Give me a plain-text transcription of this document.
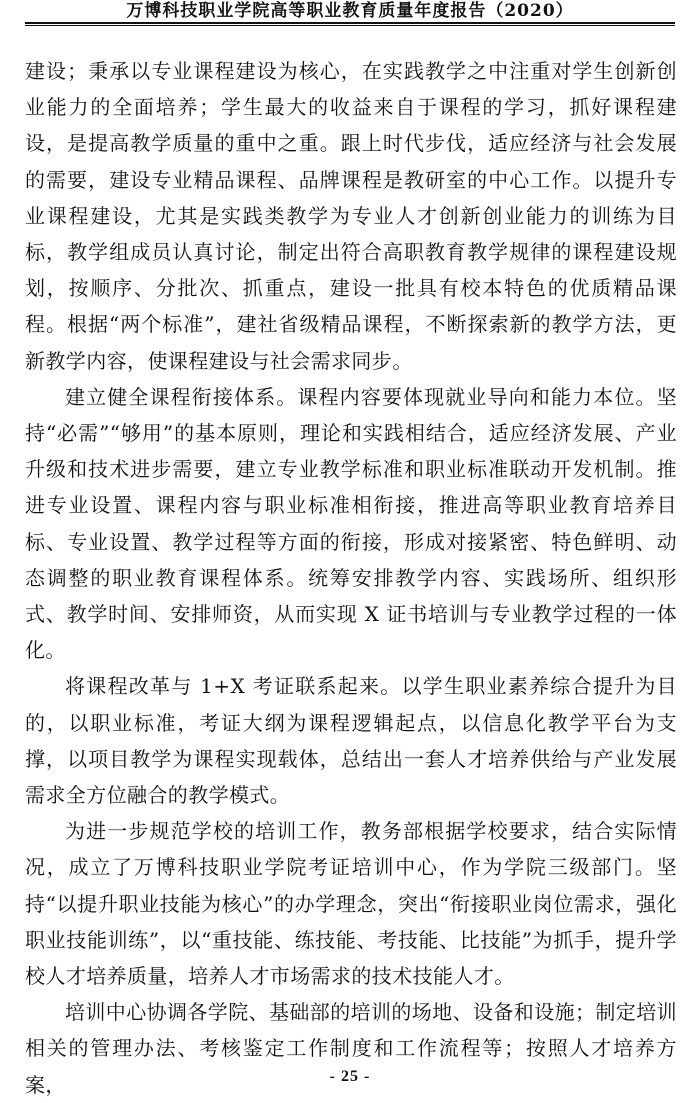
万博科技职业学院高等职业教育质量年度报告（2020）

建设；秉承以专业课程建设为核心，在实践教学之中注重对学生创新创业能力的全面培养；学生最大的收益来自于课程的学习，抓好课程建设，是提高教学质量的重中之重。跟上时代步伐，适应经济与社会发展的需要，建设专业精品课程、品牌课程是教研室的中心工作。以提升专业课程建设，尤其是实践类教学为专业人才创新创业能力的训练为目标，教学组成员认真讨论，制定出符合高职教育教学规律的课程建设规划，按顺序、分批次、抓重点，建设一批具有校本特色的优质精品课程。根据“两个标准”，建社省级精品课程，不断探索新的教学方法，更新教学内容，使课程建设与社会需求同步。

建立健全课程衔接体系。课程内容要体现就业导向和能力本位。坚持“必需”“够用”的基本原则，理论和实践相结合，适应经济发展、产业升级和技术进步需要，建立专业教学标准和职业标准联动开发机制。推进专业设置、课程内容与职业标准相衔接，推进高等职业教育培养目标、专业设置、教学过程等方面的衔接，形成对接紧密、特色鲜明、动态调整的职业教育课程体系。统筹安排教学内容、实践场所、组织形式、教学时间、安排师资，从而实现 X 证书培训与专业教学过程的一体化。

将课程改革与 1+X 考证联系起来。以学生职业素养综合提升为目的，以职业标准，考证大纲为课程逻辑起点，以信息化教学平台为支撑，以项目教学为课程实现载体，总结出一套人才培养供给与产业发展需求全方位融合的教学模式。

为进一步规范学校的培训工作，教务部根据学校要求，结合实际情况，成立了万博科技职业学院考证培训中心，作为学院三级部门。坚持“以提升职业技能为核心”的办学理念，突出“衔接职业岗位需求，强化职业技能训练”，以“重技能、练技能、考技能、比技能”为抓手，提升学校人才培养质量，培养人才市场需求的技术技能人才。

培训中心协调各学院、基础部的培训的场地、设备和设施；制定培训相关的管理办法、考核鉴定工作制度和工作流程等；按照人才培养方案，	- 25 -
